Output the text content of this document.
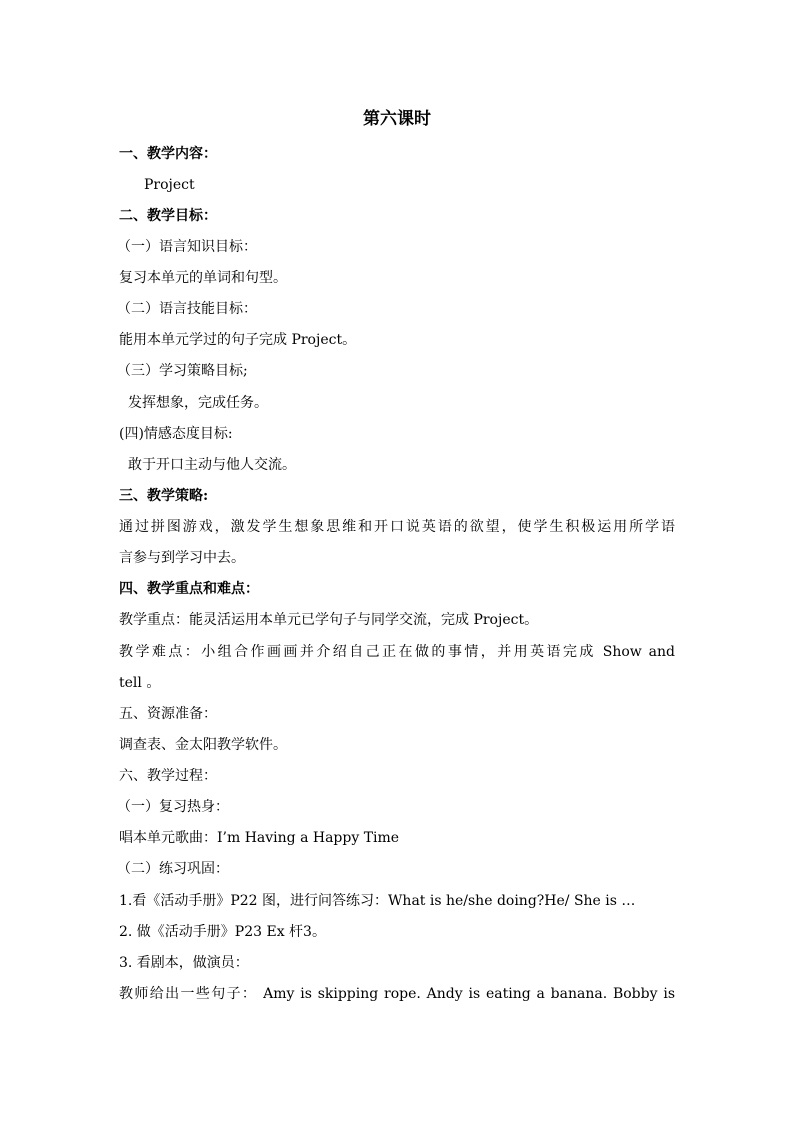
第六课时
一、教学内容：
Project
二、教学目标：
（一）语言知识目标：
复习本单元的单词和句型。
（二）语言技能目标：
能用本单元学过的句子完成 Project。
（三）学习策略目标;
发挥想象，完成任务。
(四)情感态度目标:
敢于开口主动与他人交流。
三、教学策略:
通过拼图游戏，激发学生想象思维和开口说英语的欲望，使学生积极运用所学语
言参与到学习中去。
四、教学重点和难点：
教学重点：能灵活运用本单元已学句子与同学交流，完成 Project。
教学难点：小组合作画画并介绍自己正在做的事情，并用英语完成 Show and
tell 。
五、资源准备：
调查表、金太阳教学软件。
六、教学过程：
（一）复习热身：
唱本单元歌曲：I’m Having a Happy Time
（二）练习巩固：
1.看《活动手册》P22 图，进行问答练习：What is he/she doing?He/ She is …
2. 做《活动手册》P23 Ex 杆3。
3. 看剧本，做演员：
教师给出一些句子： Amy is skipping rope. Andy is eating a banana. Bobby is
